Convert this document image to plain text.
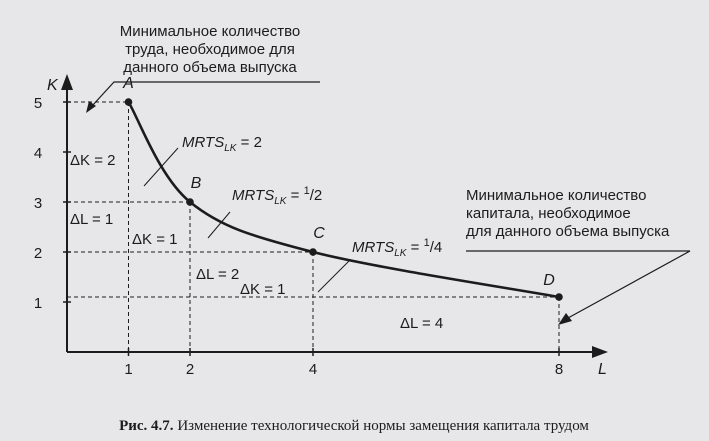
K
L
1
2
3
4
5
1	2	4	8
A
B
C
D
ΔK = 2
ΔL = 1
ΔK = 1
ΔL = 2
ΔK = 1
ΔL = 4
$MRTS_{LK} = 2$
$MRTS_{LK} = ^1/2$
$MRTS_{LK} = ^1/4$
Минимальное количество
труда, необходимое для
данного объема выпуска
Минимальное количество
капитала, необходимое
для данного объема выпуска
Рис. 4.7. Изменение технологической нормы замещения капитала трудом
